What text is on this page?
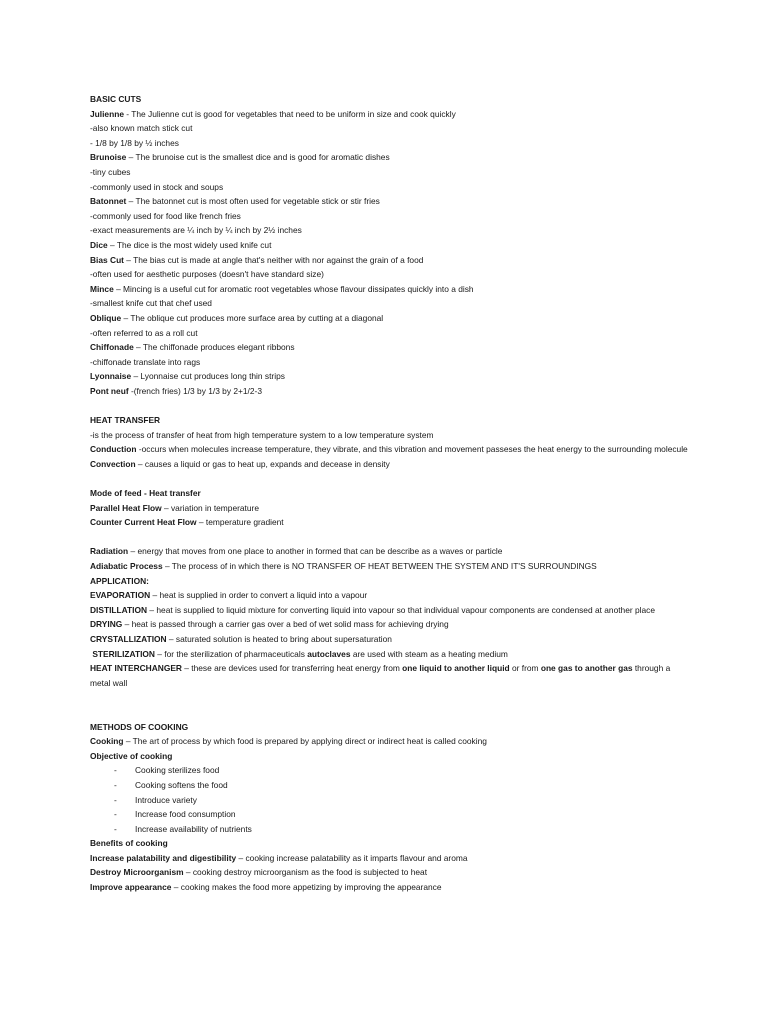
BASIC CUTS
Julienne - The Julienne cut is good for vegetables that need to be uniform in size and cook quickly
-also known match stick cut
- 1/8 by 1/8 by ½ inches
Brunoise – The brunoise cut is the smallest dice and is good for aromatic dishes
-tiny cubes
-commonly used in stock and soups
Batonnet – The batonnet cut is most often used for vegetable stick or stir fries
-commonly used for food like french fries
-exact measurements are ¼ inch by ¼ inch by 2½ inches
Dice – The dice is the most widely used knife cut
Bias Cut – The bias cut is made at angle that's neither with nor against the grain of a food
-often used for aesthetic purposes (doesn't have standard size)
Mince – Mincing is a useful cut for aromatic root vegetables whose flavour dissipates quickly into a dish
-smallest knife cut that chef used
Oblique – The oblique cut produces more surface area by cutting at a diagonal
-often referred to as a roll cut
Chiffonade – The chiffonade produces elegant ribbons
-chiffonade translate into rags
Lyonnaise – Lyonnaise cut produces long thin strips
Pont neuf -(french fries) 1/3 by 1/3 by 2+1/2-3
HEAT TRANSFER
-is the process of transfer of heat from high temperature system to a low temperature system
Conduction -occurs when molecules increase temperature, they vibrate, and this vibration and movement passeses the heat energy to the surrounding molecule
Convection – causes a liquid or gas to heat up, expands and decease in density
Mode of feed - Heat transfer
Parallel Heat Flow – variation in temperature
Counter Current Heat Flow – temperature gradient
Radiation – energy that moves from one place to another in formed that can be describe as a waves or particle
Adiabatic Process – The process of in which there is NO TRANSFER OF HEAT BETWEEN THE SYSTEM AND IT'S SURROUNDINGS
APPLICATION:
EVAPORATION – heat is supplied in order to convert a liquid into a vapour
DISTILLATION – heat is supplied to liquid mixture for converting liquid into vapour so that individual vapour components are condensed at another place
DRYING – heat is passed through a carrier gas over a bed of wet solid mass for achieving drying
CRYSTALLIZATION – saturated solution is heated to bring about supersaturation
STERILIZATION – for the sterilization of pharmaceuticals autoclaves are used with steam as a heating medium
HEAT INTERCHANGER – these are devices used for transferring heat energy from one liquid to another liquid or from one gas to another gas through a metal wall
METHODS OF COOKING
Cooking – The art of process by which food is prepared by applying direct or indirect heat is called cooking
Objective of cooking
- Cooking sterilizes food
- Cooking softens the food
- Introduce variety
- Increase food consumption
- Increase availability of nutrients
Benefits of cooking
Increase palatability and digestibility – cooking increase palatability as it imparts flavour and aroma
Destroy Microorganism – cooking destroy microorganism as the food is subjected to heat
Improve appearance – cooking makes the food more appetizing by improving the appearance
